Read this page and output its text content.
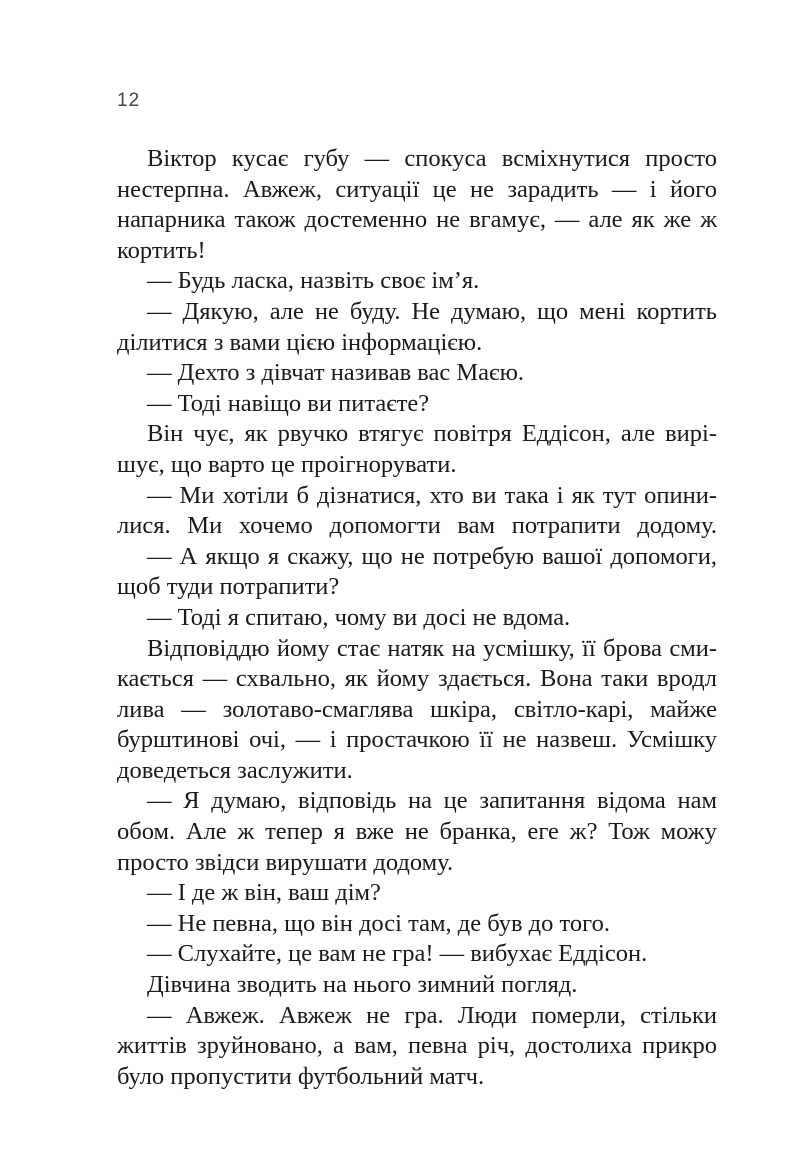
12
Віктор кусає губу — спокуса всміхнутися просто
нестерпна. Авжеж, ситуації це не зарадить — і його
напарника також достеменно не вгамує, — але як же ж
кортить!
— Будь ласка, назвіть своє ім’я.
— Дякую, але не буду. Не думаю, що мені кортить
ділитися з вами цією інформацією.
— Дехто з дівчат називав вас Маєю.
— Тоді навіщо ви питаєте?
Він чує, як рвучко втягує повітря Еддісон, але вирі-
шує, що варто це проігнорувати.
— Ми хотіли б дізнатися, хто ви така і як тут опини-
лися. Ми хочемо допомогти вам потрапити додому.
— А якщо я скажу, що не потребую вашої допомоги,
щоб туди потрапити?
— Тоді я спитаю, чому ви досі не вдома.
Відповіддю йому стає натяк на усмішку, її брова сми-
кається — схвально, як йому здається. Вона таки вродл
лива — золотаво-смаглява шкіра, світло-карі, майже
бурштинові очі, — і простачкою її не назвеш. Усмішку
доведеться заслужити.
— Я думаю, відповідь на це запитання відома нам
обом. Але ж тепер я вже не бранка, еге ж? Тож можу
просто звідси вирушати додому.
— І де ж він, ваш дім?
— Не певна, що він досі там, де був до того.
— Слухайте, це вам не гра! — вибухає Еддісон.
Дівчина зводить на нього зимний погляд.
— Авжеж. Авжеж не гра. Люди померли, стільки
життів зруйновано, а вам, певна річ, достолиха прикро
було пропустити футбольний матч.
